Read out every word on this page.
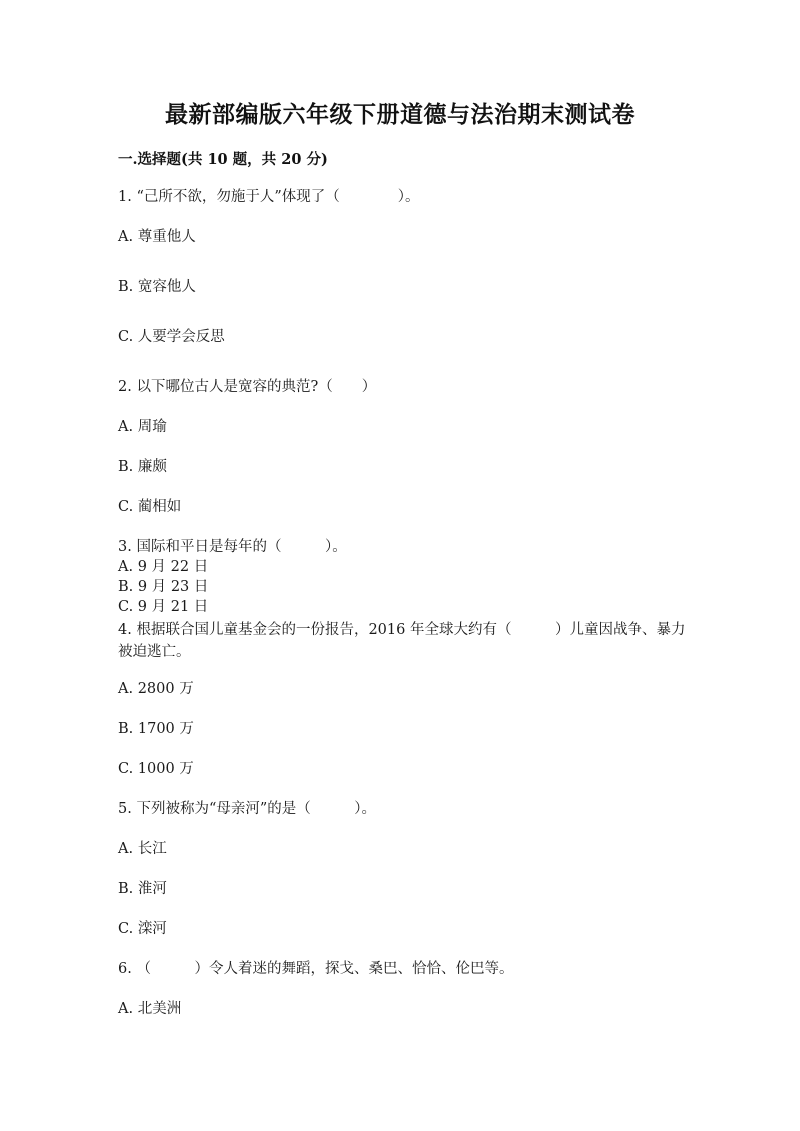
最新部编版六年级下册道德与法治期末测试卷
一.选择题(共 10 题，共 20 分)
1. “己所不欲，勿施于人”体现了（　　　　）。
A. 尊重他人
B. 宽容他人
C. 人要学会反思
2. 以下哪位古人是宽容的典范?（　　）
A. 周瑜
B. 廉颇
C. 蔺相如
3. 国际和平日是每年的（　　　）。
A. 9 月 22 日
B. 9 月 23 日
C. 9 月 21 日
4. 根据联合国儿童基金会的一份报告，2016 年全球大约有（　　　）儿童因战争、暴力被迫逃亡。
A. 2800 万
B. 1700 万
C. 1000 万
5. 下列被称为“母亲河”的是（　　　）。
A. 长江
B. 淮河
C. 滦河
6. （　　　）令人着迷的舞蹈，探戈、桑巴、恰恰、伦巴等。
A. 北美洲
